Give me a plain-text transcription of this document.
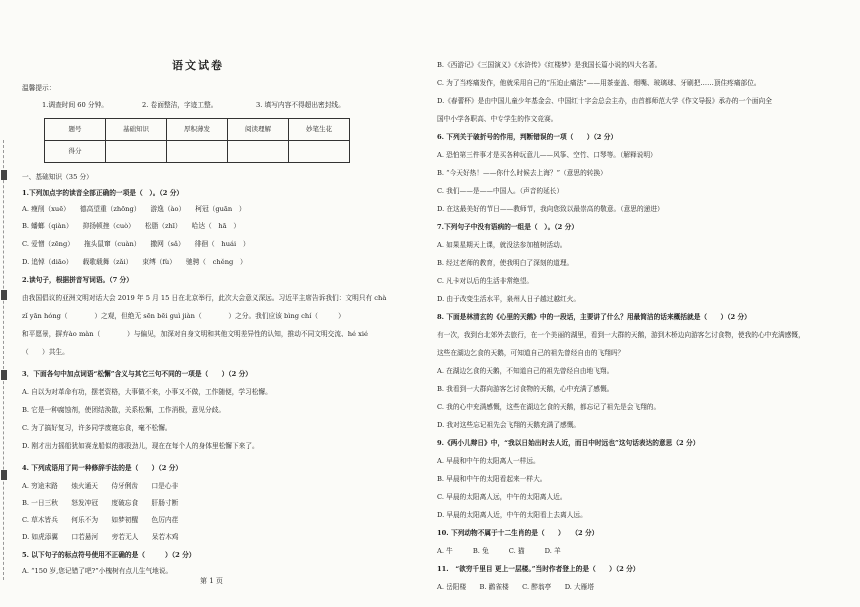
语文试卷
温馨提示：
1.调查时间 60 分钟。	2. 卷面整洁，字迹工整。	3. 填写内容不得超出密封线。
题号	基础知识	厚积薄发	阅读理解	妙笔生花
得分				
一、基础知识（35 分）
1.下列加点字的读音全部正确的一项是（　）。（2 分）
A. 瘦削（xuē）　　德高望重（zhōng）　　游逸（ào）　　柯冠（guān　）
B. 蟠螂（qiàn）　　抑扬顿挫（cuò）　　松脂（zhī）　　哈达（　hā　）
C. 爱憎（zēng）　　拖头鼠窜（cuàn）　　撒网（sǎ）　　徘徊（　huái　）
D. 追悼（diāo）　　载歌载舞（zǎi）　　束缚（fù）　　驰骋（　chěng　）
2.读句子，根据拼音写词语。（7 分）
由我国倡议的亚洲文明对话大会 2019 年 5 月 15 日在北京举行，此次大会意义深远。习近平主席告诉我们：文明只有 chà
zǐ yān hóng（　　　　）之观，但绝无 sēn bēi guì jiàn（　　　　）之分。我们应该 bìng chí（　　　）
和平愿景，摒弃ào màn（　　　　）与偏见，加深对自身文明和其他文明差异性的认知，推动不同文明交流、hé xié
（　　）共生。
3．下面各句中加点词语“松懈”含义与其它三句不同的一项是（　　）（2 分）
A. 自以为对革命有功，摆老资格，大事做不来，小事又不做，工作随便，学习松懈。
B. 它是一种腐蚀剂，使团结涣散，关系松懈，工作消极，意见分歧。
C. 为了搞好复习，许多同学废寝忘食，毫不松懈。
D. 刚才出力摇船犹如赛龙船似的那股劲儿，现在在每个人的身体里松懈下来了。
4. 下列成语用了同一种修辞手法的是（　　）（2 分）
A. 穷途末路　　烛火通天　　侍牙俐齿　　口是心非
B. 一日三秋　　怒发冲冠　　度破忘食　　肝肠寸断
C. 草木皆兵　　何乐不为　　如梦初醒　　色厉内荏
D. 如虎添翼　　口若悬河　　旁若无人　　呆若木鸡
5. 以下句子的标点符号使用不正确的是（　　　）（2 分）
A. “150 岁,您记错了吧?”小槐树有点儿生气地说。
第 1 页
B.《西游记》《三国演义》《水浒传》《红楼梦》是我国长篇小说的四大名著。
C. 为了当疼痛发作，他就采用自己的“压迫止痛法”——用茶壶盖、烟嘴、玻璃球、牙刷把……顶住疼痛部位。
D.《春蕾杯》是由中国儿童少年基金会、中国红十字会总会主办，由首都师范大学《作文导报》承办的一个面向全
国中小学各职高、中专学生的作文竞赛。
6. 下列关于破折号的作用，判断错误的一项（　　）（2 分）
A. 恐怕第三件事才是买各种玩意儿——风筝、空竹、口琴等。（解释说明）
B. “今天好热！——你什么时候去上海？”（意思的转换）
C. 我们——是——中国人。（声音的延长）
D. 在这最美好的节日——教师节，我向您致以最崇高的敬意。（意思的递进）
7.下列句子中没有语病的一组是（　）。（2 分）
A. 如果星期天上课，就没法参加植树活动。
B. 经过老师的教育，使我明白了深刻的道理。
C. 凡卡对以后的生活非常绝望。
D. 由于改变生活水平，泉州人日子越过越红火。
8. 下面是林清玄的《心里的天鹅》中的一段话，主要讲了什么？用最简洁的话来概括就是（　　）（2 分）
有一次，我到台北郊外去旅行，在一个美丽的湖里，看到一大群的天鹅，游到木桥边向游客乞讨食物，使我的心中充满感慨，
这些在湖边乞食的天鹅，可知道自己的祖先曾经自由的飞翔吗？
A. 在湖边乞食的天鹅，不知道自己的祖先曾经自由地飞翔。
B. 我看到一大群向游客乞讨食物的天鹅，心中充满了感慨。
C. 我的心中充满感慨，这些在湖边乞食的天鹅，都忘记了祖先是会飞翔的。
D. 我对这些忘记祖先会飞翔的天鹅充满了感慨。
9.《两小儿辩日》中，“我以日始出时去人近，而日中时远也”这句话表达的意思（2 分）
A. 早晨和中午的太阳离人一样远。
B. 早晨和中午的太阳看起来一样大。
C. 早晨的太阳离人远，中午的太阳离人近。
D. 早晨的太阳离人近，中午的太阳看上去离人远。
10. 下列动物不属于十二生肖的是（　　）　　（2 分）
A. 牛　　　B. 兔　　　C. 猫　　　D. 羊
11.　“欲穷千里目 更上一层楼。”当时作者登上的是（　　）（2 分）
A. 岳阳楼　　B. 鹳雀楼　　C. 醉翁亭　　D. 大雁塔
